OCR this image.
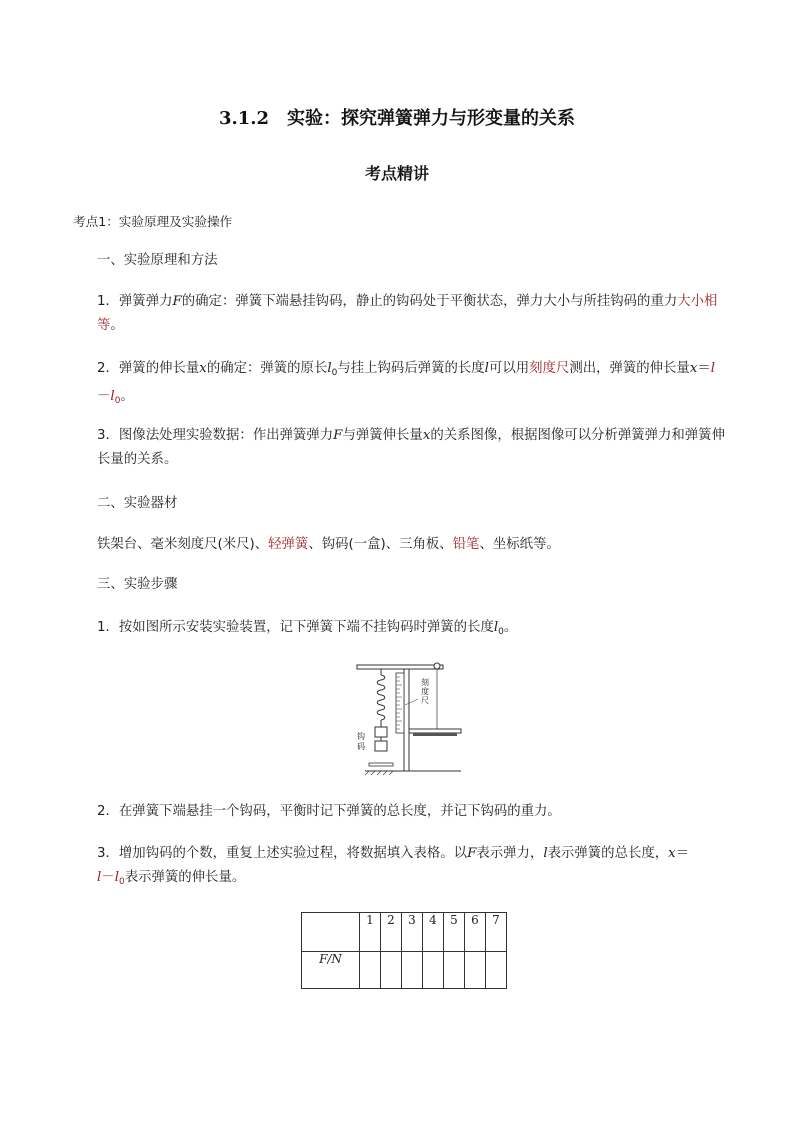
3.1.2　实验：探究弹簧弹力与形变量的关系
考点精讲
考点1：实验原理及实验操作
一、实验原理和方法
1．弹簧弹力F的确定：弹簧下端悬挂钩码，静止的钩码处于平衡状态，弹力大小与所挂钩码的重力大小相等。
2．弹簧的伸长量x的确定：弹簧的原长$l_0$与挂上钩码后弹簧的长度l可以用刻度尺测出，弹簧的伸长量$x=l-l_0$。
3．图像法处理实验数据：作出弹簧弹力F与弹簧伸长量x的关系图像，根据图像可以分析弹簧弹力和弹簧伸长量的关系。
二、实验器材
铁架台、毫米刻度尺(米尺)、轻弹簧、钩码(一盒)、三角板、铅笔、坐标纸等。
三、实验步骤
1．按如图所示安装实验装置，记下弹簧下端不挂钩码时弹簧的长度$l_0$。
刻
度
尺
钩
码
2．在弹簧下端悬挂一个钩码，平衡时记下弹簧的总长度，并记下钩码的重力。
3．增加钩码的个数，重复上述实验过程，将数据填入表格。以F表示弹力，l表示弹簧的总长度，x＝
$l-l_0$表示弹簧的伸长量。
	1	2	3	4	5	6	7
F/N							
